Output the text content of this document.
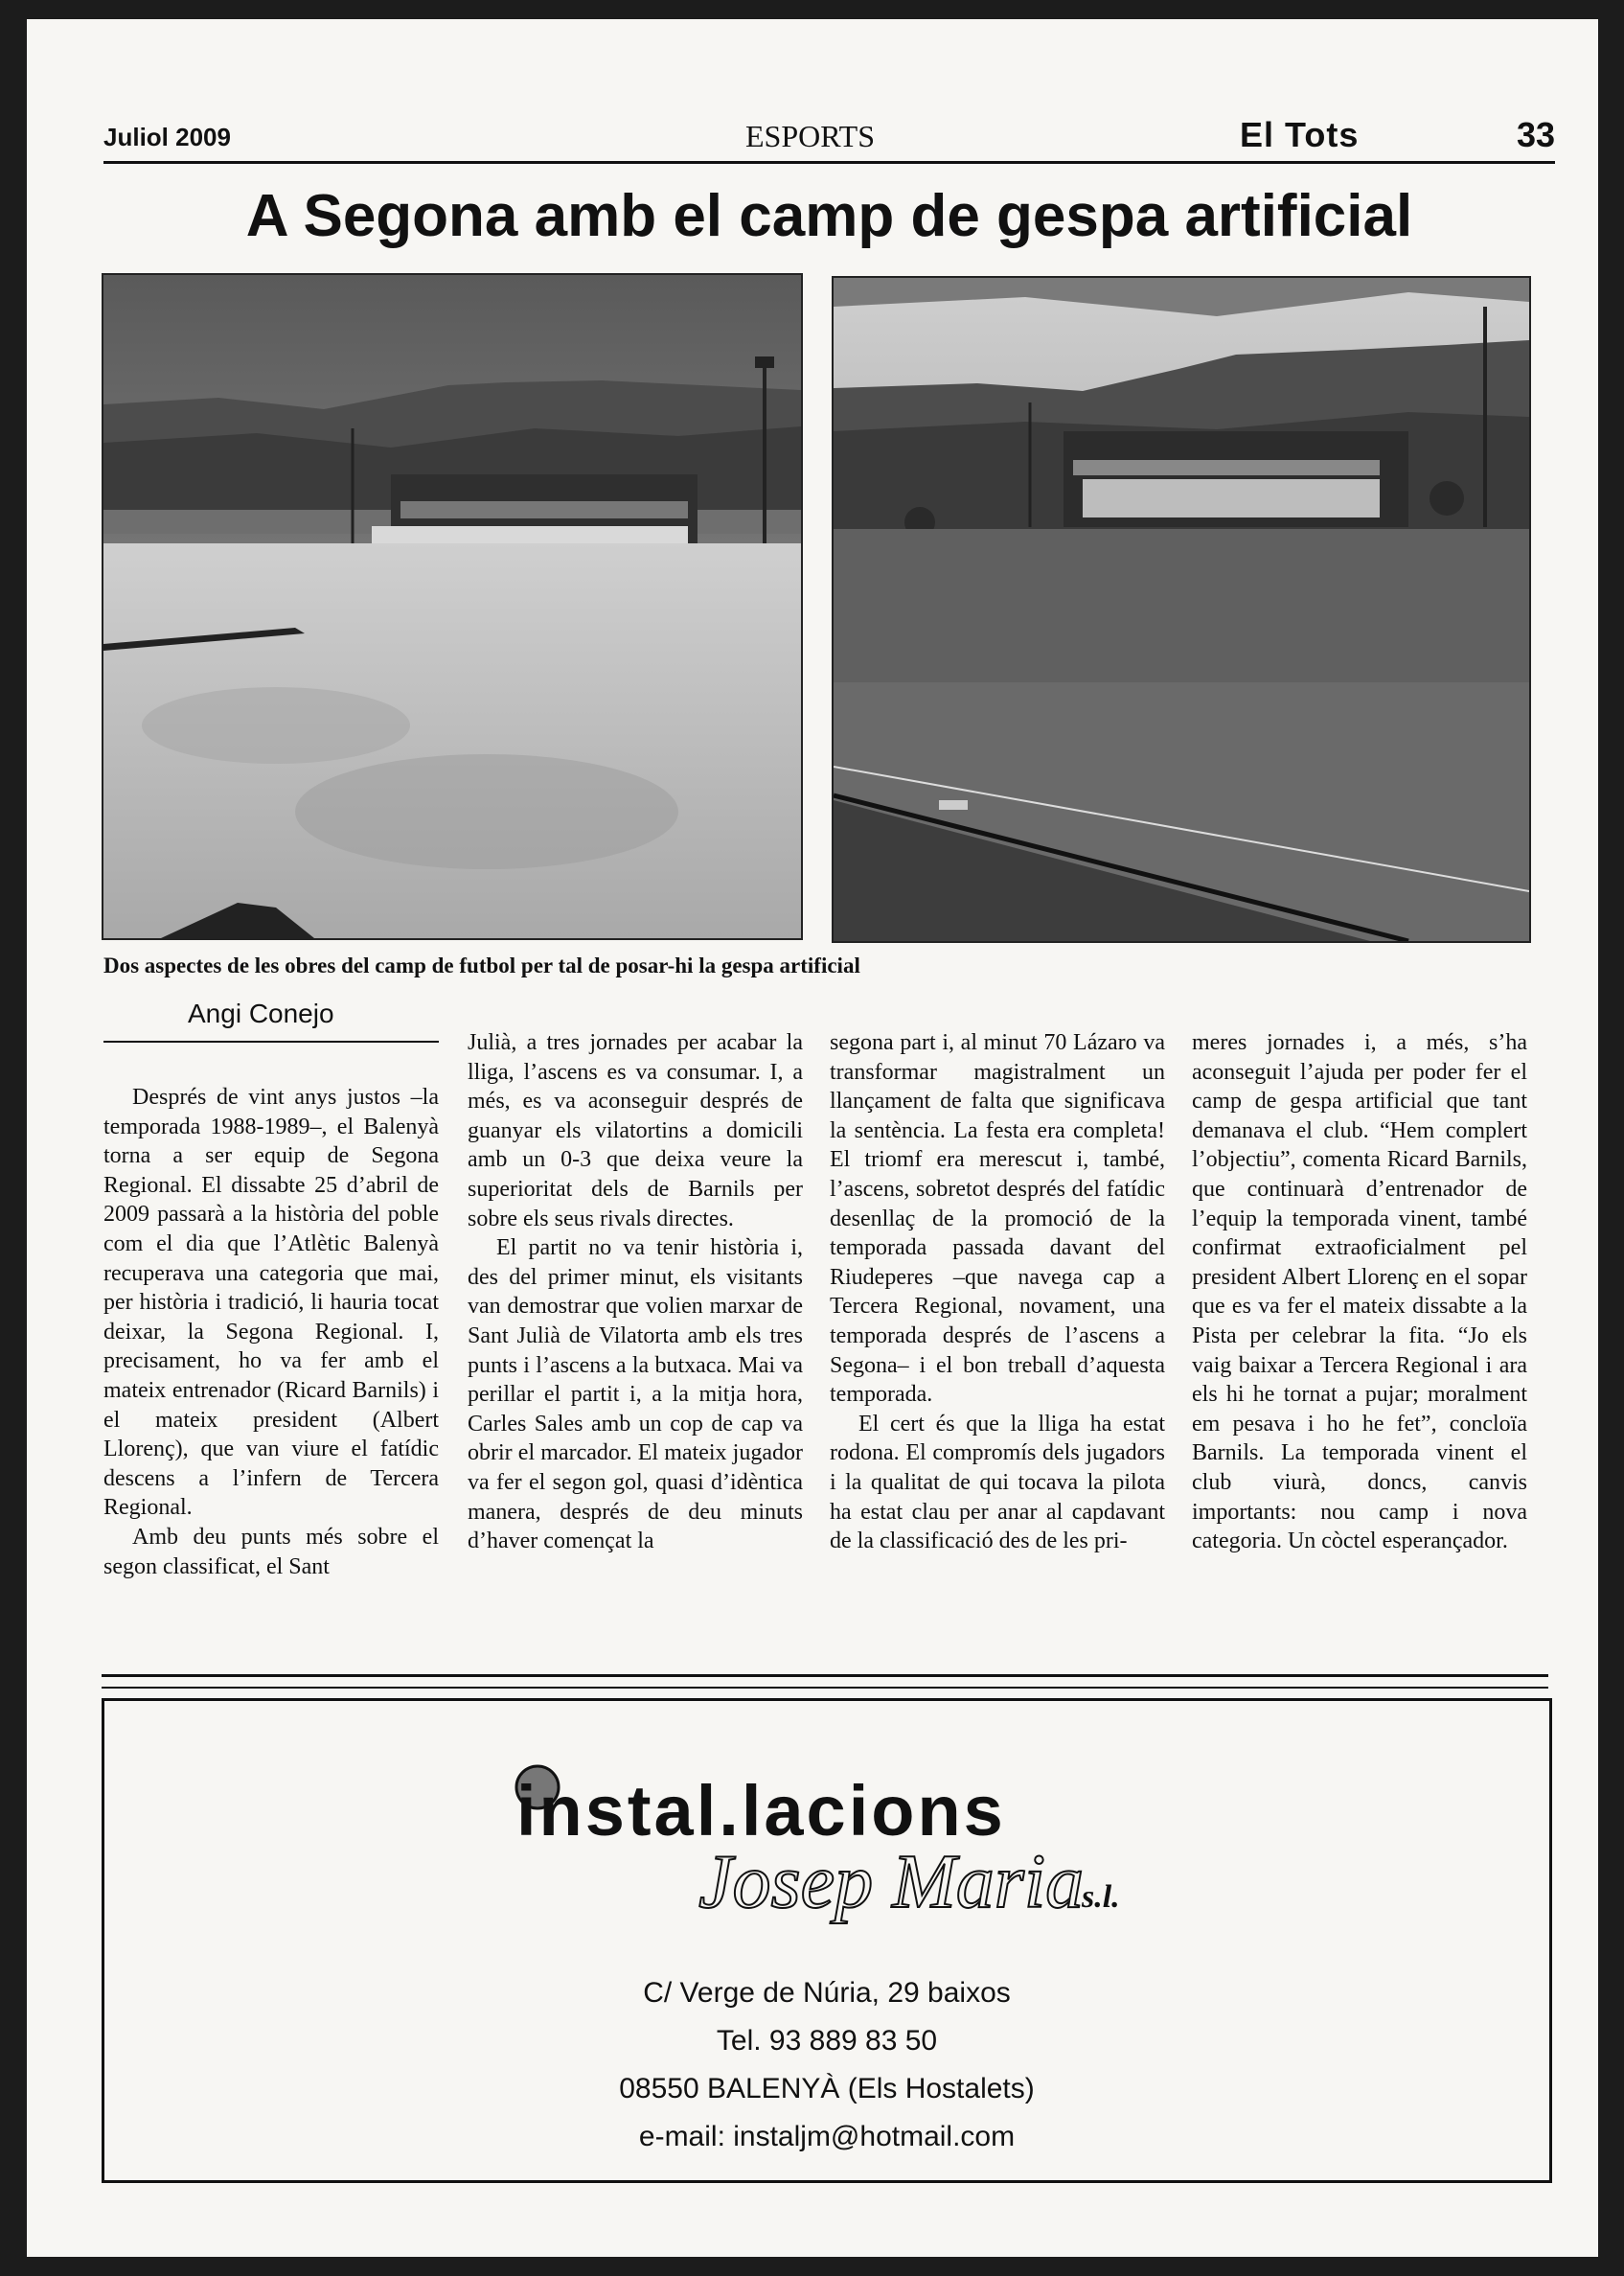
Juliol 2009	ESPORTS	El Tots	33
A Segona amb el camp de gespa artificial
Dos aspectes de les obres del camp de futbol per tal de posar-hi la gespa artificial
Angi Conejo

Després de vint anys justos –la temporada 1988-1989–, el Balenyà torna a ser equip de Segona Regional. El dissabte 25 d’abril de 2009 passarà a la història del poble com el dia que l’Atlètic Balenyà recuperava una categoria que mai, per història i tradició, li hauria tocat deixar, la Segona Regional. I, precisament, ho va fer amb el mateix entrenador (Ricard Barnils) i el mateix president (Albert Llorenç), que van viure el fatídic descens a l’infern de Tercera Regional.

Amb deu punts més sobre el segon classificat, el Sant

Julià, a tres jornades per acabar la lliga, l’ascens es va consumar. I, a més, es va aconseguir després de guanyar els vilatortins a domicili amb un 0-3 que deixa veure la superioritat dels de Barnils per sobre els seus rivals directes.

El partit no va tenir història i, des del primer minut, els visitants van demostrar que volien marxar de Sant Julià de Vilatorta amb els tres punts i l’ascens a la butxaca. Mai va perillar el partit i, a la mitja hora, Carles Sales amb un cop de cap va obrir el marcador. El mateix jugador va fer el segon gol, quasi d’idèntica manera, després de deu minuts d’haver començat la

segona part i, al minut 70 Lázaro va transformar magistralment un llançament de falta que significava la sentència. La festa era completa! El triomf era merescut i, també, l’ascens, sobretot després del fatídic desenllaç de la promoció de la temporada passada davant del Riudeperes –que navega cap a Tercera Regional, novament, una temporada després de l’ascens a Segona– i el bon treball d’aquesta temporada.

El cert és que la lliga ha estat rodona. El compromís dels jugadors i la qualitat de qui tocava la pilota ha estat clau per anar al capdavant de la classificació des de les pri-

meres jornades i, a més, s’ha aconseguit l’ajuda per poder fer el camp de gespa artificial que tant demanava el club. “Hem complert l’objectiu”, comenta Ricard Barnils, que continuarà d’entrenador de l’equip la temporada vinent, també confirmat extraoficialment pel president Albert Llorenç en el sopar que es va fer el mateix dissabte a la Pista per celebrar la fita. “Jo els vaig baixar a Tercera Regional i ara els hi he tornat a pujar; moralment em pesava i ho he fet”, concloïa Barnils. La temporada vinent el club viurà, doncs, canvis importants: nou camp i nova categoria. Un còctel esperançador.

instal.lacions
Josep Maria
s.l.
C/ Verge de Núria, 29 baixos
Tel. 93 889 83 50
08550 BALENYÀ (Els Hostalets)
e-mail: instaljm@hotmail.com
